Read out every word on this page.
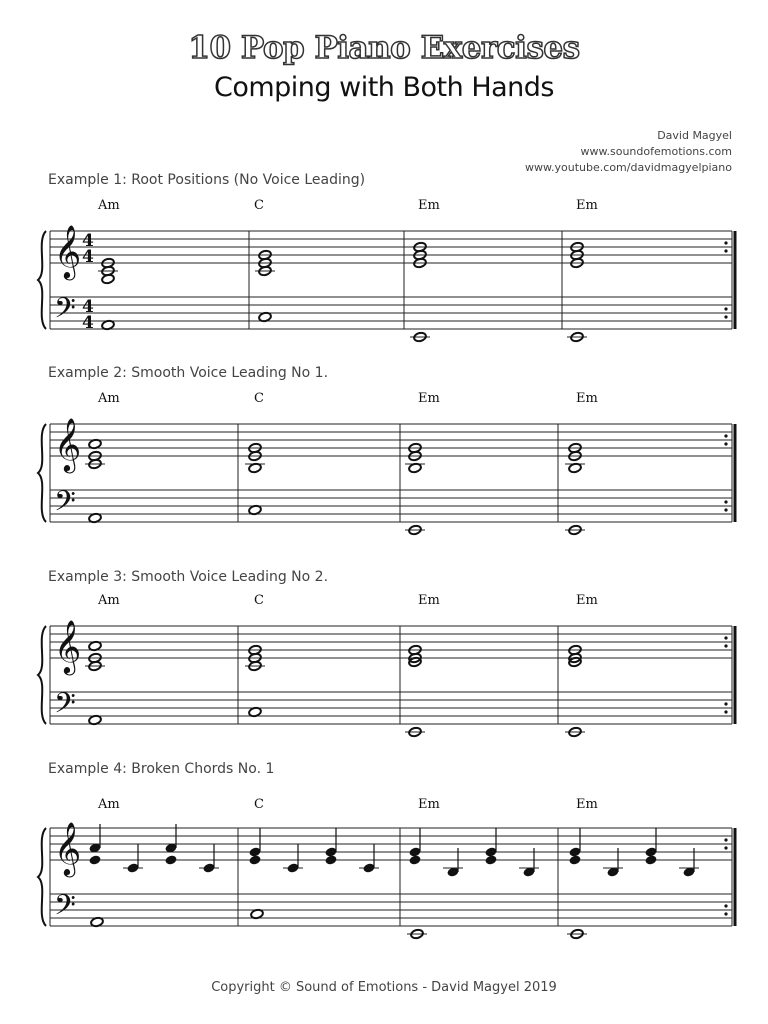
10 Pop Piano Exercises
Comping with Both Hands
David Magyel
www.soundofemotions.com
www.youtube.com/davidmagyelpiano
Example 1: Root Positions (No Voice Leading)
Example 2: Smooth Voice Leading No 1.
Example 3: Smooth Voice Leading No 2.
Example 4: Broken Chords No. 1
Am	C	Em	Em
𝄞
𝄢
4
4
4
4
Am	C	Em	Em
𝄞
𝄢
Am	C	Em	Em
𝄞
𝄢
Am	C	Em	Em
𝄞
𝄢
Copyright © Sound of Emotions - David Magyel 2019
